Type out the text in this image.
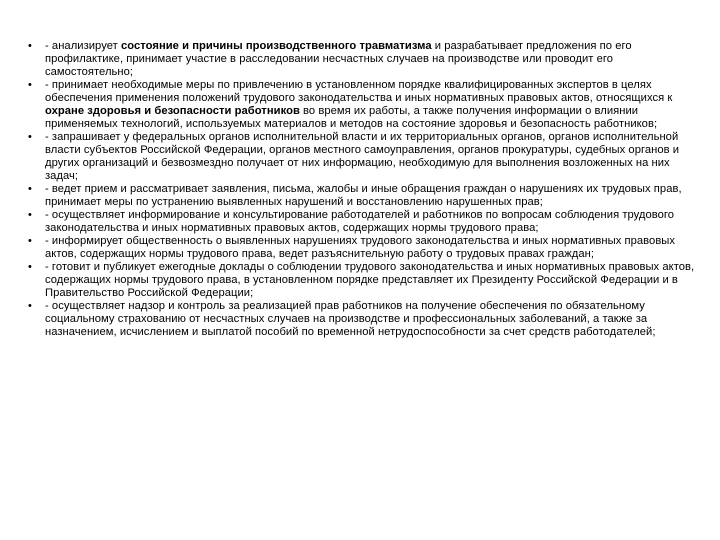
• - анализирует состояние и причины производственного травматизма и разрабатывает предложения по его профилактике, принимает участие в расследовании несчастных случаев на производстве или проводит его самостоятельно;
• - принимает необходимые меры по привлечению в установленном порядке квалифицированных экспертов в целях обеспечения применения положений трудового законодательства и иных нормативных правовых актов, относящихся к охране здоровья и безопасности работников во время их работы, а также получения информации о влиянии применяемых технологий, используемых материалов и методов на состояние здоровья и безопасность работников;
• - запрашивает у федеральных органов исполнительной власти и их территориальных органов, органов исполнительной власти субъектов Российской Федерации, органов местного самоуправления, органов прокуратуры, судебных органов и других организаций и безвозмездно получает от них информацию, необходимую для выполнения возложенных на них задач;
• - ведет прием и рассматривает заявления, письма, жалобы и иные обращения граждан о нарушениях их трудовых прав, принимает меры по устранению выявленных нарушений и восстановлению нарушенных прав;
• - осуществляет информирование и консультирование работодателей и работников по вопросам соблюдения трудового законодательства и иных нормативных правовых актов, содержащих нормы трудового права;
• - информирует общественность о выявленных нарушениях трудового законодательства и иных нормативных правовых актов, содержащих нормы трудового права, ведет разъяснительную работу о трудовых правах граждан;
• - готовит и публикует ежегодные доклады о соблюдении трудового законодательства и иных нормативных правовых актов, содержащих нормы трудового права, в установленном порядке представляет их Президенту Российской Федерации и в Правительство Российской Федерации;
• - осуществляет надзор и контроль за реализацией прав работников на получение обеспечения по обязательному социальному страхованию от несчастных случаев на производстве и профессиональных заболеваний, а также за назначением, исчислением и выплатой пособий по временной нетрудоспособности за счет средств работодателей;
